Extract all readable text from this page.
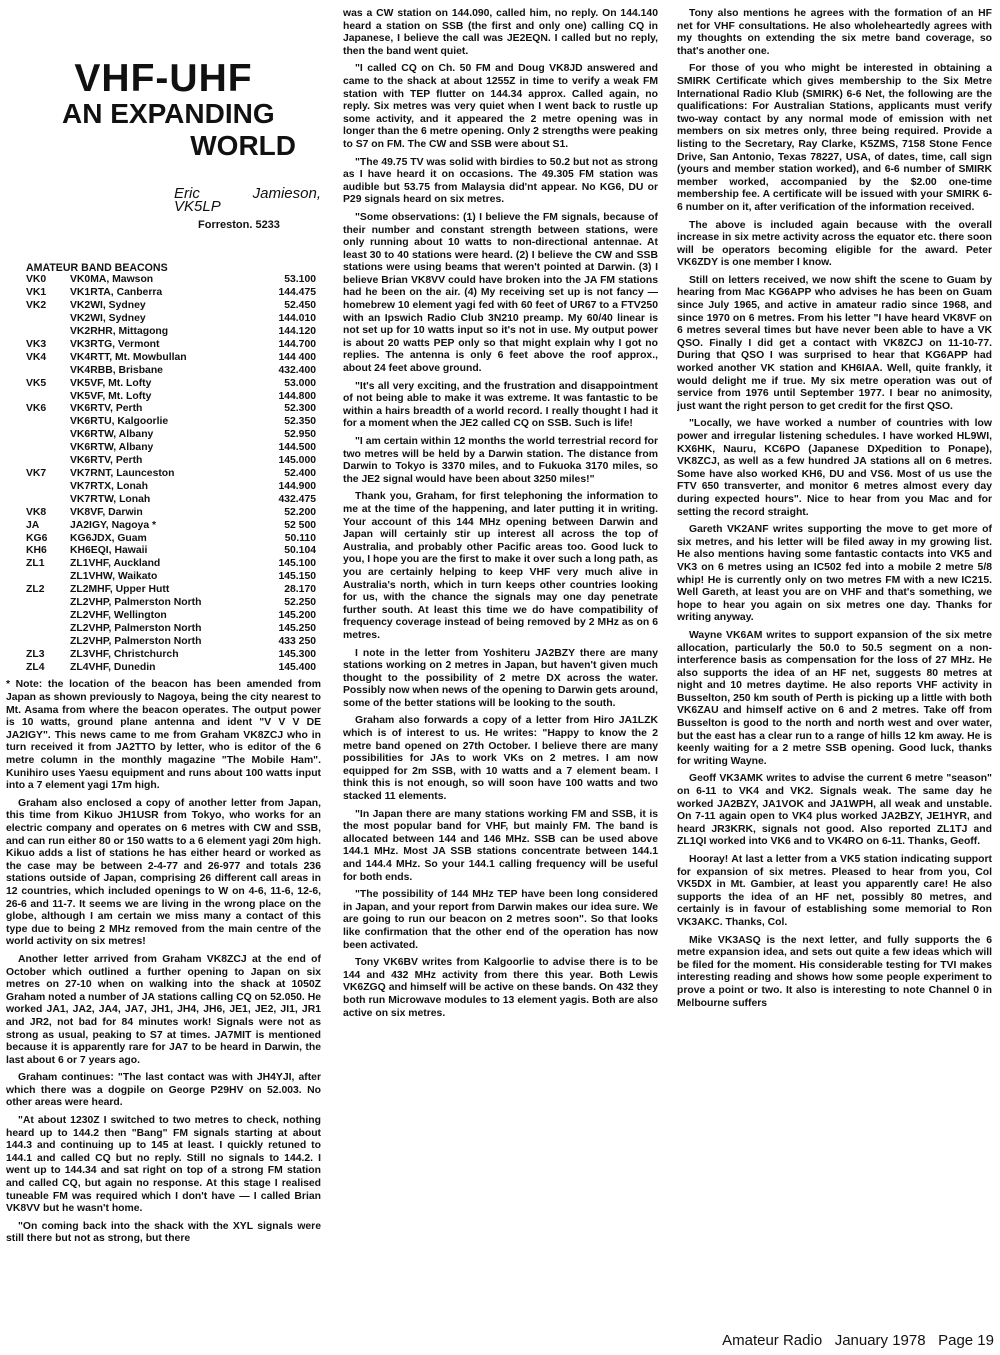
VHF-UHF
AN EXPANDING
WORLD
Eric Jamieson, VK5LP
Forreston. 5233
AMATEUR BAND BEACONS
VK0	VK0MA, Mawson	53.100
VK1	VK1RTA, Canberra	144.475
VK2	VK2WI, Sydney	52.450
	VK2WI, Sydney	144.010
	VK2RHR, Mittagong	144.120
VK3	VK3RTG, Vermont	144.700
VK4	VK4RTT, Mt. Mowbullan	144 400
	VK4RBB, Brisbane	432.400
VK5	VK5VF, Mt. Lofty	53.000
	VK5VF, Mt. Lofty	144.800
VK6	VK6RTV, Perth	52.300
	VK6RTU, Kalgoorlie	52.350
	VK6RTW, Albany	52.950
	VK6RTW, Albany	144.500
	VK6RTV, Perth	145.000
VK7	VK7RNT, Launceston	52.400
	VK7RTX, Lonah	144.900
	VK7RTW, Lonah	432.475
VK8	VK8VF, Darwin	52.200
JA	JA2IGY, Nagoya *	52 500
KG6	KG6JDX, Guam	50.110
KH6	KH6EQI, Hawaii	50.104
ZL1	ZL1VHF, Auckland	145.100
	ZL1VHW, Waikato	145.150
ZL2	ZL2MHF, Upper Hutt	28.170
	ZL2VHP, Palmerston North	52.250
	ZL2VHF, Wellington	145.200
	ZL2VHP, Palmerston North	145.250
	ZL2VHP, Palmerston North	433 250
ZL3	ZL3VHF, Christchurch	145.300
ZL4	ZL4VHF, Dunedin	145.400

* Note: the location of the beacon has been amended from Japan as shown previously to Nagoya, being the city nearest to Mt. Asama from where the beacon operates. The output power is 10 watts, ground plane antenna and ident "V V V DE JA2IGY". This news came to me from Graham VK8ZCJ who in turn received it from JA2TTO by letter, who is editor of the 6 metre column in the monthly magazine "The Mobile Ham". Kunihiro uses Yaesu equipment and runs about 100 watts input into a 7 element yagi 17m high.

Graham also enclosed a copy of another letter from Japan, this time from Kikuo JH1USR from Tokyo, who works for an electric company and operates on 6 metres with CW and SSB, and can run either 80 or 150 watts to a 6 element yagi 20m high. Kikuo adds a list of stations he has either heard or worked as the case may be between 2-4-77 and 26-977 and totals 236 stations outside of Japan, comprising 26 different call areas in 12 countries, which included openings to W on 4-6, 11-6, 12-6, 26-6 and 11-7. It seems we are living in the wrong place on the globe, although I am certain we miss many a contact of this type due to being 2 MHz removed from the main centre of the world activity on six metres!

Another letter arrived from Graham VK8ZCJ at the end of October which outlined a further opening to Japan on six metres on 27-10 when on walking into the shack at 1050Z Graham noted a number of JA stations calling CQ on 52.050. He worked JA1, JA2, JA4, JA7, JH1, JH4, JH6, JE1, JE2, JI1, JR1 and JR2, not bad for 84 minutes work! Signals were not as strong as usual, peaking to S7 at times. JA7MIT is mentioned because it is apparently rare for JA7 to be heard in Darwin, the last about 6 or 7 years ago.

Graham continues: "The last contact was with JH4YJI, after which there was a dogpile on George P29HV on 52.003. No other areas were heard.

"At about 1230Z I switched to two metres to check, nothing heard up to 144.2 then "Bang" FM signals starting at about 144.3 and continuing up to 145 at least. I quickly retuned to 144.1 and called CQ but no reply. Still no signals to 144.2. I went up to 144.34 and sat right on top of a strong FM station and called CQ, but again no response. At this stage I realised tuneable FM was required which I don't have — I called Brian VK8VV but he wasn't home.

"On coming back into the shack with the XYL signals were still there but not as strong, but there

was a CW station on 144.090, called him, no reply. On 144.140 heard a station on SSB (the first and only one) calling CQ in Japanese, I believe the call was JE2EQN. I called but no reply, then the band went quiet.

"I called CQ on Ch. 50 FM and Doug VK8JD answered and came to the shack at about 1255Z in time to verify a weak FM station with TEP flutter on 144.34 approx. Called again, no reply. Six metres was very quiet when I went back to rustle up some activity, and it appeared the 2 metre opening was in longer than the 6 metre opening. Only 2 strengths were peaking to S7 on FM. The CW and SSB were about S1.

"The 49.75 TV was solid with birdies to 50.2 but not as strong as I have heard it on occasions. The 49.305 FM station was audible but 53.75 from Malaysia did'nt appear. No KG6, DU or P29 signals heard on six metres.

"Some observations: (1) I believe the FM signals, because of their number and constant strength between stations, were only running about 10 watts to non-directional antennae. At least 30 to 40 stations were heard. (2) I believe the CW and SSB stations were using beams that weren't pointed at Darwin. (3) I believe Brian VK8VV could have broken into the JA FM stations had he been on the air. (4) My receiving set up is not fancy — homebrew 10 element yagi fed with 60 feet of UR67 to a FTV250 with an Ipswich Radio Club 3N210 preamp. My 60/40 linear is not set up for 10 watts input so it's not in use. My output power is about 20 watts PEP only so that might explain why I got no replies. The antenna is only 6 feet above the roof approx., about 24 feet above ground.

"It's all very exciting, and the frustration and disappointment of not being able to make it was extreme. It was fantastic to be within a hairs breadth of a world record. I really thought I had it for a moment when the JE2 called CQ on SSB. Such is life!

"I am certain within 12 months the world terrestrial record for two metres will be held by a Darwin station. The distance from Darwin to Tokyo is 3370 miles, and to Fukuoka 3170 miles, so the JE2 signal would have been about 3250 miles!"

Thank you, Graham, for first telephoning the information to me at the time of the happening, and later putting it in writing. Your account of this 144 MHz opening between Darwin and Japan will certainly stir up interest all across the top of Australia, and probably other Pacific areas too. Good luck to you, I hope you are the first to make it over such a long path, as you are certainly helping to keep VHF very much alive in Australia's north, which in turn keeps other countries looking for us, with the chance the signals may one day penetrate further south. At least this time we do have compatibility of frequency coverage instead of being removed by 2 MHz as on 6 metres.

I note in the letter from Yoshiteru JA2BZY there are many stations working on 2 metres in Japan, but haven't given much thought to the possibility of 2 metre DX across the water. Possibly now when news of the opening to Darwin gets around, some of the better stations will be looking to the south.

Graham also forwards a copy of a letter from Hiro JA1LZK which is of interest to us. He writes: "Happy to know the 2 metre band opened on 27th October. I believe there are many possibilities for JAs to work VKs on 2 metres. I am now equipped for 2m SSB, with 10 watts and a 7 element beam. I think this is not enough, so will soon have 100 watts and two stacked 11 elements.

"In Japan there are many stations working FM and SSB, it is the most popular band for VHF, but mainly FM. The band is allocated between 144 and 146 MHz. SSB can be used above 144.1 MHz. Most JA SSB stations concentrate between 144.1 and 144.4 MHz. So your 144.1 calling frequency will be useful for both ends.

"The possibility of 144 MHz TEP have been long considered in Japan, and your report from Darwin makes our idea sure. We are going to run our beacon on 2 metres soon". So that looks like confirmation that the other end of the operation has now been activated.

Tony VK6BV writes from Kalgoorlie to advise there is to be 144 and 432 MHz activity from there this year. Both Lewis VK6ZGQ and himself will be active on these bands. On 432 they both run Microwave modules to 13 element yagis. Both are also active on six metres.

Tony also mentions he agrees with the formation of an HF net for VHF consultations. He also wholeheartedly agrees with my thoughts on extending the six metre band coverage, so that's another one.

For those of you who might be interested in obtaining a SMIRK Certificate which gives membership to the Six Metre International Radio Klub (SMIRK) 6-6 Net, the following are the qualifications: For Australian Stations, applicants must verify two-way contact by any normal mode of emission with net members on six metres only, three being required. Provide a listing to the Secretary, Ray Clarke, K5ZMS, 7158 Stone Fence Drive, San Antonio, Texas 78227, USA, of dates, time, call sign (yours and member station worked), and 6-6 number of SMIRK member worked, accompanied by the $2.00 one-time membership fee. A certificate will be issued with your SMIRK 6-6 number on it, after verification of the information received.

The above is included again because with the overall increase in six metre activity across the equator etc. there soon will be operators becoming eligible for the award. Peter VK6ZDY is one member I know.

Still on letters received, we now shift the scene to Guam by hearing from Mac KG6APP who advises he has been on Guam since July 1965, and active in amateur radio since 1968, and since 1970 on 6 metres. From his letter "I have heard VK8VF on 6 metres several times but have never been able to have a VK QSO. Finally I did get a contact with VK8ZCJ on 11-10-77. During that QSO I was surprised to hear that KG6APP had worked another VK station and KH6IAA. Well, quite frankly, it would delight me if true. My six metre operation was out of service from 1976 until September 1977. I bear no animosity, just want the right person to get credit for the first QSO.

"Locally, we have worked a number of countries with low power and irregular listening schedules. I have worked HL9WI, KX6HK, Nauru, KC6PO (Japanese DXpedition to Ponape), VK8ZCJ, as well as a few hundred JA stations all on 6 metres. Some have also worked KH6, DU and VS6. Most of us use the FTV 650 transverter, and monitor 6 metres almost every day during expected hours". Nice to hear from you Mac and for setting the record straight.

Gareth VK2ANF writes supporting the move to get more of six metres, and his letter will be filed away in my growing list. He also mentions having some fantastic contacts into VK5 and VK3 on 6 metres using an IC502 fed into a mobile 2 metre 5/8 whip! He is currently only on two metres FM with a new IC215. Well Gareth, at least you are on VHF and that's something, we hope to hear you again on six metres one day. Thanks for writing anyway.

Wayne VK6AM writes to support expansion of the six metre allocation, particularly the 50.0 to 50.5 segment on a non-interference basis as compensation for the loss of 27 MHz. He also supports the idea of an HF net, suggests 80 metres at night and 10 metres daytime. He also reports VHF activity in Busselton, 250 km south of Perth is picking up a little with both VK6ZAU and himself active on 6 and 2 metres. Take off from Busselton is good to the north and north west and over water, but the east has a clear run to a range of hills 12 km away. He is keenly waiting for a 2 metre SSB opening. Good luck, thanks for writing Wayne.

Geoff VK3AMK writes to advise the current 6 metre "season" on 6-11 to VK4 and VK2. Signals weak. The same day he worked JA2BZY, JA1VOK and JA1WPH, all weak and unstable. On 7-11 again open to VK4 plus worked JA2BZY, JE1HYR, and heard JR3KRK, signals not good. Also reported ZL1TJ and ZL1QI worked into VK6 and to VK4RO on 6-11. Thanks, Geoff.

Hooray! At last a letter from a VK5 station indicating support for expansion of six metres. Pleased to hear from you, Col VK5DX in Mt. Gambier, at least you apparently care! He also supports the idea of an HF net, possibly 80 metres, and certainly is in favour of establishing some memorial to Ron VK3AKC. Thanks, Col.

Mike VK3ASQ is the next letter, and fully supports the 6 metre expansion idea, and sets out quite a few ideas which will be filed for the moment. His considerable testing for TVI makes interesting reading and shows how some people experiment to prove a point or two. It also is interesting to note Channel 0 in Melbourne suffers

Amateur Radio January 1978 Page 19
